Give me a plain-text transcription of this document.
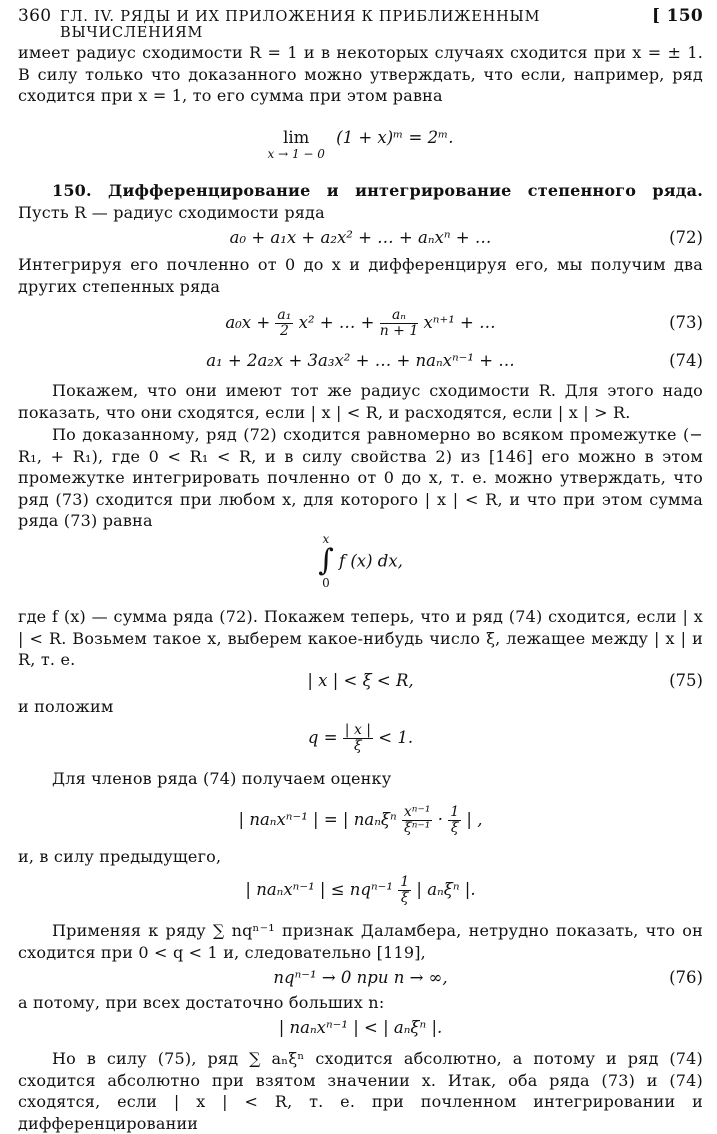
360 ГЛ. IV. РЯДЫ И ИХ ПРИЛОЖЕНИЯ К ПРИБЛИЖЕННЫМ ВЫЧИСЛЕНИЯМ
[ 150

имеет радиус сходимости R = 1 и в некоторых случаях сходится при x = ± 1. В силу только что доказанного можно утверждать, что если, например, ряд сходится при x = 1, то его сумма при этом равна

lim
x → 1 − 0
(1 + x)ᵐ = 2ᵐ.

150. Дифференцирование и интегрирование степенного ряда. Пусть R — радиус сходимости ряда

a₀ + a₁x + a₂x² + … + aₙxⁿ + …	(72)

Интегрируя его почленно от 0 до x и дифференцируя его, мы получим два других степенных ряда

$a_0x + \frac{\text{a₁}}{2} x^2$ + … + $\frac{\text{aₙ}}{n + 1} x^{n+1}$ + …	(73)
a₁ + 2a₂x + 3a₃x² + … + naₙxⁿ⁻¹ + …	(74)

Покажем, что они имеют тот же радиус сходимости R. Для этого надо показать, что они сходятся, если | x | < R, и расходятся, если | x | > R.

По доказанному, ряд (72) сходится равномерно во всяком промежутке (− R₁, + R₁), где 0 < R₁ < R, и в силу свойства 2) из [146] его можно в этом промежутке интегрировать почленно от 0 до x, т. е. можно утверждать, что ряд (73) сходится при любом x, для которого | x | < R, и что при этом сумма ряда (73) равна

x
∫
0
f (x) dx,

где f (x) — сумма ряда (72). Покажем теперь, что и ряд (74) сходится, если | x | < R. Возьмем такое x, выберем какое-нибудь число ξ, лежащее между | x | и R, т. е.

| x | < ξ < R,	(75)

и положим

$q = \frac{| x |}{\xi} < 1$.

Для членов ряда (74) получаем оценку

| naₙxⁿ⁻¹ | = | naₙξⁿ $\frac{\text{xⁿ⁻¹}}{\text{ξⁿ⁻¹}} \cdot \frac{1}{\xi}$ | ,

и, в силу предыдущего,

| naₙxⁿ⁻¹ | ≤ $nq^{n-1} \frac{1}{\xi}$ | aₙξⁿ |.

Применяя к ряду ∑ nqⁿ⁻¹ признак Даламбера, нетрудно показать, что он сходится при 0 < q < 1 и, следовательно [119],

nqⁿ⁻¹ → 0 при n → ∞,	(76)

а потому, при всех достаточно больших n:

| naₙxⁿ⁻¹ | < | aₙξⁿ |.

Но в силу (75), ряд ∑ aₙξⁿ сходится абсолютно, а потому и ряд (74) сходится абсолютно при взятом значении x. Итак, оба ряда (73) и (74) сходятся, если | x | < R, т. е. при почленном интегрировании и дифференцировании
